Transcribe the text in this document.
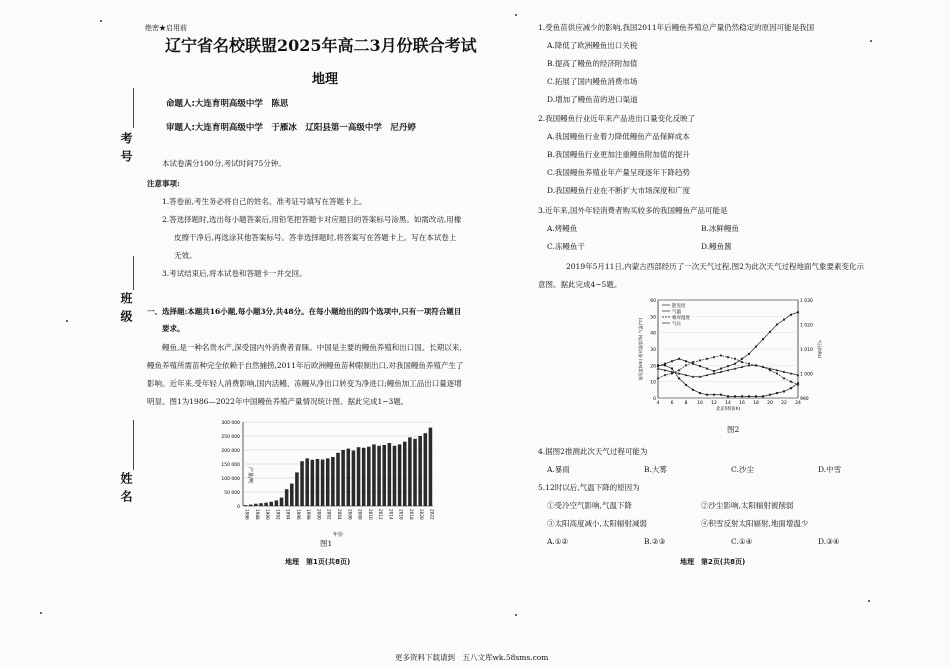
考号
班级
姓名
绝密★启用前
辽宁省名校联盟2025年高二3月份联合考试
地理
命题人:大连育明高级中学　陈思
审题人:大连育明高级中学　于雁冰　辽阳县第一高级中学　尼丹婷
本试卷满分100分,考试时间75分钟。
注意事项:
1.答卷前,考生务必将自己的姓名、准考证号填写在答题卡上。
2.答选择题时,选出每小题答案后,用铅笔把答题卡对应题目的答案标号涂黑。如需改动,用橡
皮擦干净后,再选涂其他答案标号。答非选择题时,将答案写在答题卡上。写在本试卷上
无效。
3.考试结束后,将本试卷和答题卡一并交回。
一、选择题:本题共16小题,每小题3分,共48分。在每小题给出的四个选项中,只有一项符合题目
要求。
鳗鱼,是一种名贵水产,深受国内外消费者青睐。中国是主要的鳗鱼养殖和出口国。长期以来,
鳗鱼养殖所需苗种完全依赖于自然捕捞,2011年后欧洲鳗鱼苗种限制出口,对我国鳗鱼养殖产生了
影响。近年来,受年轻人消费影响,国内活鳗、冻鳗从净出口转变为净进口;鳗鱼加工品出口量逐增
明显。图1为1986—2022年中国鳗鱼养殖产量情况统计图。据此完成1~3题。
0
50 000
100 000
150 000
200 000
250 000
300 000
1986 1988 1990 1992 1994 1996 1998 2000 2002 2004 2006 2008 2010 2012 2014 2016 2018 2020 2022
产量/吨
年份
图1
地理　第1页(共8页)
1.受鱼苗供应减少的影响,我国2011年后鳗鱼养殖总产量仍然稳定的原因可能是我国
A.降低了欧洲鳗鱼出口关税
B.提高了鳗鱼的经济附加值
C.拓展了国内鳗鱼消费市场
D.增加了鳗鱼苗的进口渠道
2.我国鳗鱼行业近年来产品进出口量变化反映了
A.我国鳗鱼行业着力降低鳗鱼产品保鲜成本
B.我国鳗鱼行业更加注重鳗鱼附加值的提升
C.我国鳗鱼养殖业年产量呈现逐年下降趋势
D.我国鳗鱼行业在不断扩大市场深度和广度
3.近年来,国外年轻消费者购买较多的我国鳗鱼产品可能是
A.烤鳗鱼	B.冰鲜鳗鱼
C.冻鳗鱼干	D.鳗鱼酱
2019年5月11日,内蒙古西部经历了一次天气过程,图2为此次天气过程地面气象要素变化示
意图。据此完成4~5题。
0
10
20
30
40
50
60
990
1 000
1 010
1 020
1 030
4 6 8 10 12 14 16 18 20 22 24
北京时间(h)
能见度(km) 相对湿度(%) 气温(℃)	气压(hPa)
能见度
气温
相对湿度
气压
图2
4.据图2推测此次天气过程可能为
A.暴雨	B.大雾	C.沙尘	D.中雪
5.12时以后,气温下降的原因为
①受冷空气影响,气温下降	②沙尘影响,太阳辐射被削弱
③太阳高度减小,太阳辐射减弱	④积雪反射太阳辐射,地面增温少
A.①②	B.②③	C.①④	D.③④
地理　第2页(共8页)
更多资料下载请到　五八文库wk.58sms.com
